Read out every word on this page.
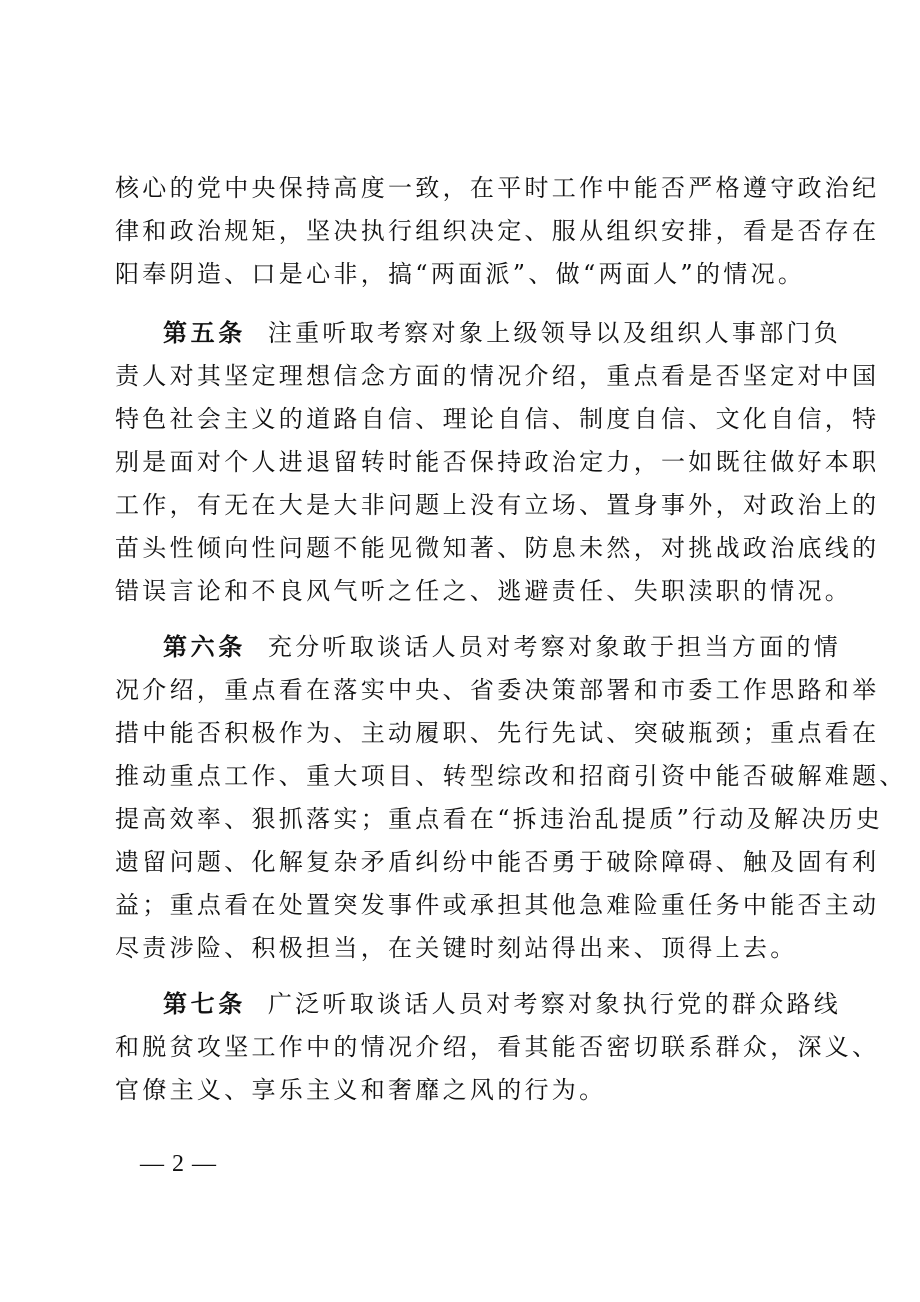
核心的党中央保持高度一致，在平时工作中能否严格遵守政治纪
律和政治规矩，坚决执行组织决定、服从组织安排，看是否存在
阳奉阴造、口是心非，搞“两面派”、做“两面人”的情况。
第五条 注重听取考察对象上级领导以及组织人事部门负
责人对其坚定理想信念方面的情况介绍，重点看是否坚定对中国
特色社会主义的道路自信、理论自信、制度自信、文化自信，特
别是面对个人进退留转时能否保持政治定力，一如既往做好本职
工作，有无在大是大非问题上没有立场、置身事外，对政治上的
苗头性倾向性问题不能见微知著、防息未然，对挑战政治底线的
错误言论和不良风气听之任之、逃避责任、失职渎职的情况。
第六条 充分听取谈话人员对考察对象敢于担当方面的情
况介绍，重点看在落实中央、省委决策部署和市委工作思路和举
措中能否积极作为、主动履职、先行先试、突破瓶颈；重点看在
推动重点工作、重大项目、转型综改和招商引资中能否破解难题、
提高效率、狠抓落实；重点看在“拆违治乱提质”行动及解决历史
遗留问题、化解复杂矛盾纠纷中能否勇于破除障碍、触及固有利
益；重点看在处置突发事件或承担其他急难险重任务中能否主动
尽责涉险、积极担当，在关键时刻站得出来、顶得上去。
第七条 广泛听取谈话人员对考察对象执行党的群众路线
和脱贫攻坚工作中的情况介绍，看其能否密切联系群众，深义、
官僚主义、享乐主义和奢靡之风的行为。
— 2 —
